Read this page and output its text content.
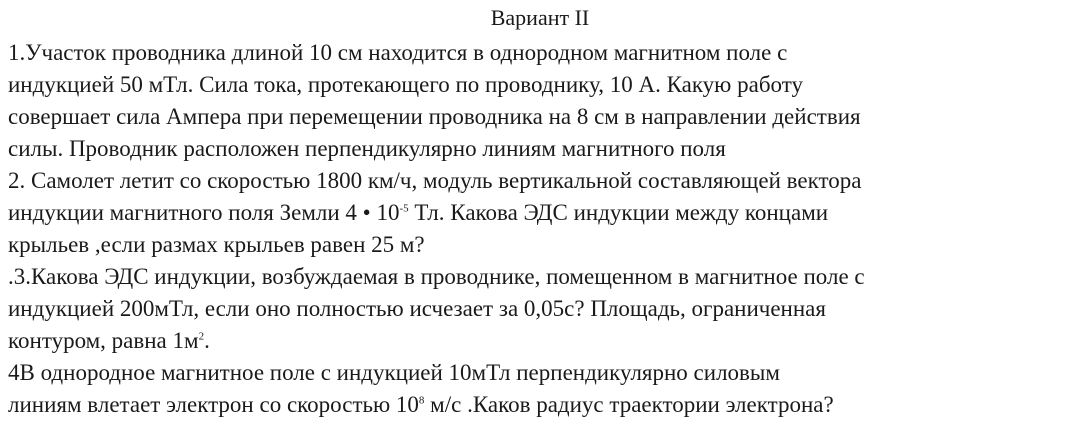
Вариант II
1.Участок проводника длиной 10 см находится в однородном магнитном поле с
индукцией 50 мТл. Сила тока, протекающего по проводнику, 10 А. Какую работу
совершает сила Ампера при перемещении проводника на 8 см в направлении действия
силы. Проводник расположен перпендикулярно линиям магнитного поля
2. Самолет летит со скоростью 1800 км/ч, модуль вертикальной составляющей вектора
индукции магнитного поля Земли 4 • $10^{-5}$ Тл. Какова ЭДС индукции между концами
крыльев ,если размах крыльев равен 25 м?
.3.Какова ЭДС индукции, возбуждаемая в проводнике, помещенном в магнитное поле с
индукцией 200мТл, если оно полностью исчезает за 0,05с? Площадь, ограниченная
контуром, равна $1м^2$.
4В однородное магнитное поле с индукцией 10мТл перпендикулярно силовым
линиям влетает электрон со скоростью $10^8$ м/с .Каков радиус траектории электрона?
